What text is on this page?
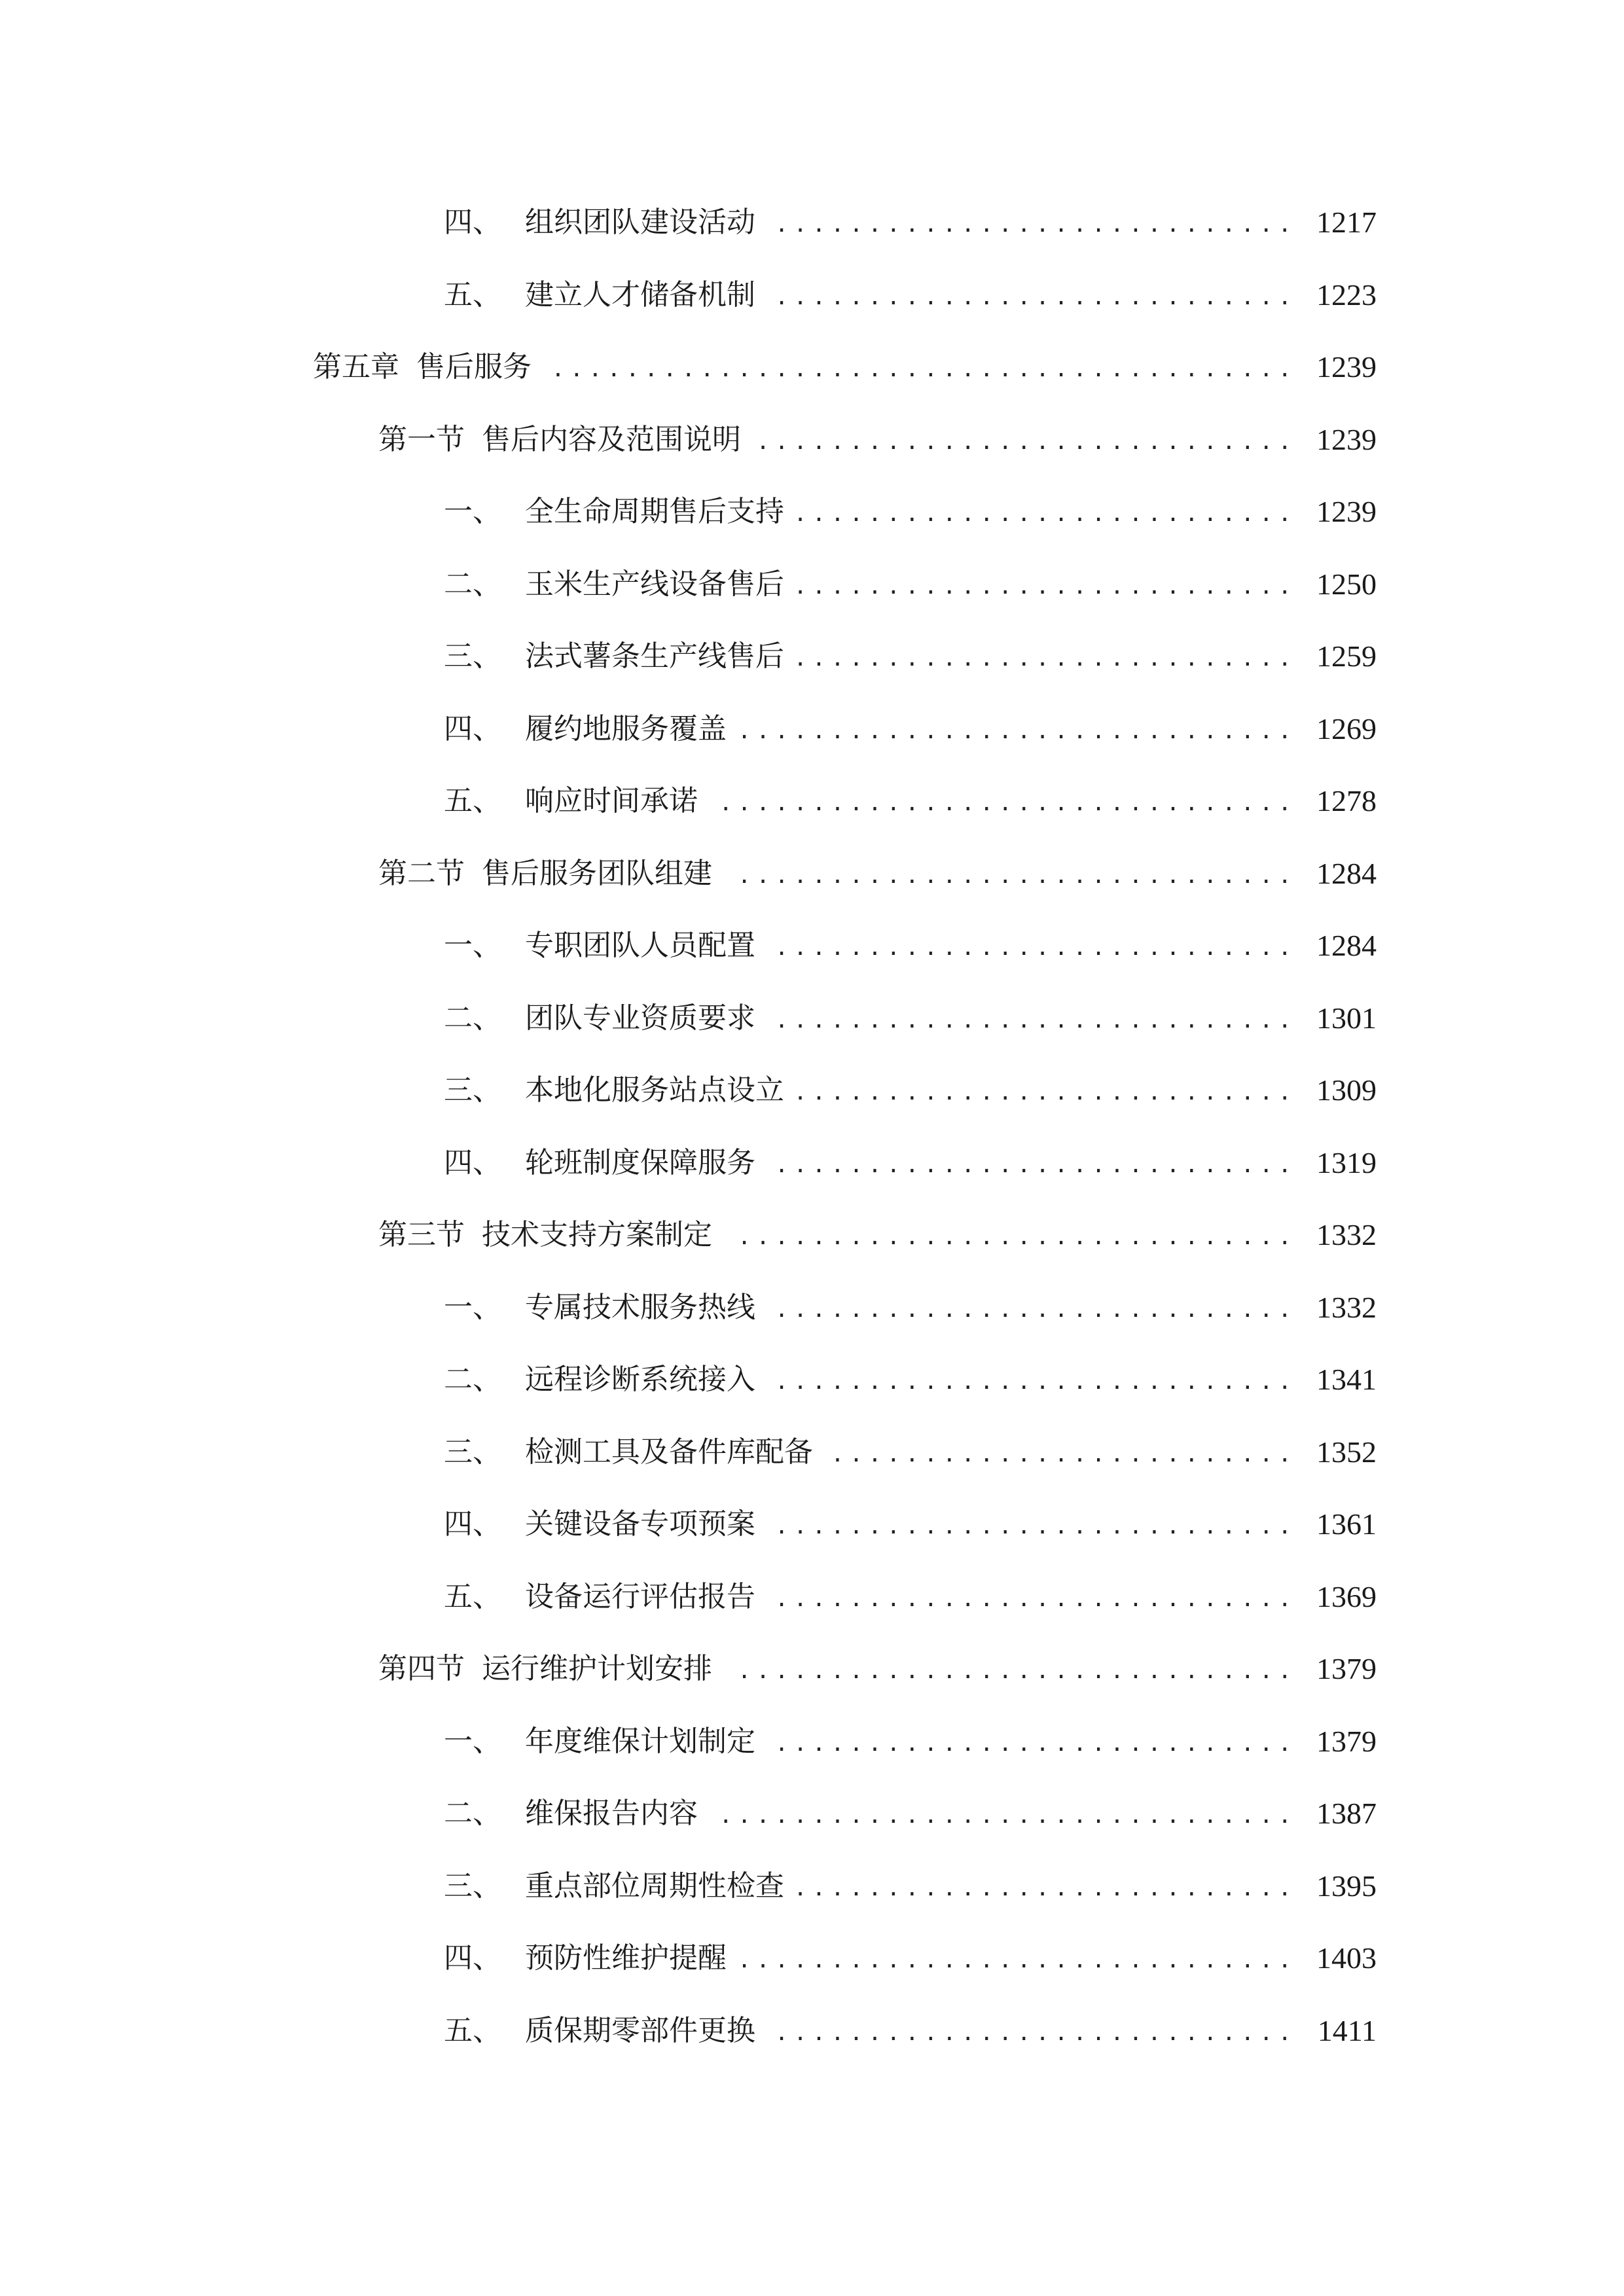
四、 组织团队建设活动 ............................ 1217
五、 建立人才储备机制 ............................ 1223
第五章 售后服务 ........................................ 1239
第一节 售后内容及范围说明 ............................. 1239
一、 全生命周期售后支持 ........................... 1239
二、 玉米生产线设备售后 ........................... 1250
三、 法式薯条生产线售后 ........................... 1259
四、 履约地服务覆盖 .............................. 1269
五、 响应时间承诺 ............................... 1278
第二节 售后服务团队组建	.............................. 1284
一、 专职团队人员配置 ............................ 1284
二、 团队专业资质要求 ............................ 1301
三、 本地化服务站点设立 ........................... 1309
四、 轮班制度保障服务 ............................ 1319
第三节 技术支持方案制定	.............................. 1332
一、 专属技术服务热线 ............................ 1332
二、 远程诊断系统接入 ............................ 1341
三、 检测工具及备件库配备 ......................... 1352
四、 关键设备专项预案 ............................ 1361
五、 设备运行评估报告 ............................ 1369
第四节 运行维护计划安排	.............................. 1379
一、 年度维保计划制定 ............................ 1379
二、 维保报告内容 ............................... 1387
三、 重点部位周期性检查 ........................... 1395
四、 预防性维护提醒 .............................. 1403
五、 质保期零部件更换 ............................ 1411
